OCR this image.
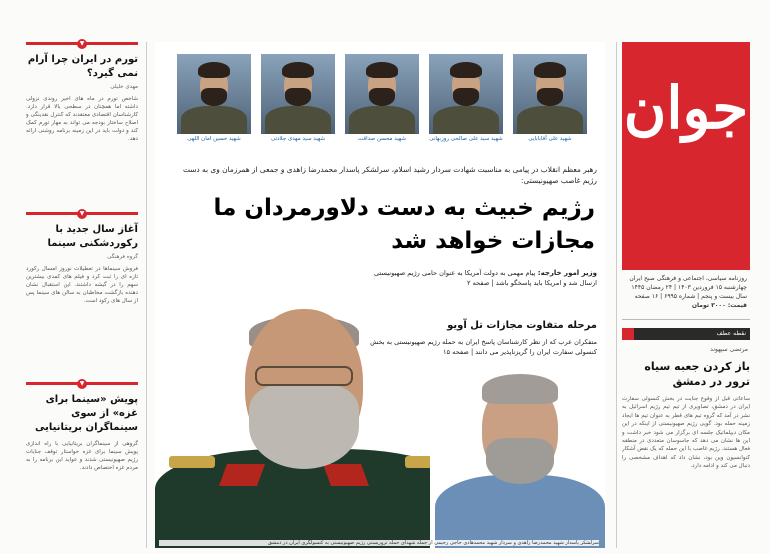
جوان
روزنامه سیاسی، اجتماعی و فرهنگی صبح ایران
چهارشنبه ۱۵ فروردین ۱۴۰۳ | ۲۴ رمضان ۱۴۴۵
سال بیست و پنجم | شماره ۶۹۹۵ | ۱۶ صفحه
قیمت: ۳۰۰۰ تومان
نقطه عطف
مرتضی سپهوند
باز کردن جعبه سیاه ترور در دمشق
ساعاتی قبل از وقوع جنایت در بخش کنسولی سفارت ایران در دمشق، تصاویری از تیم تیم رژیم اسرائیل به نشر در آمد که گروه تیم های قطر به عنوان تیم ها ایجاد زمینه حمله بود. گویی رژیم صهیونیستی از اینکه در این مکان دیپلماتیک جلسه ای برگزار می شود خبر داشت و این ها نشان می دهد که جاسوسان متعددی در منطقه فعال هستند. رژیم غاصب با این حمله که یک نقض آشکار کنوانسیون وین بود، نشان داد که اهداف مشخصی را دنبال می کند و ادامه دارد.
▼
تورم در ایران چرا آرام نمی گیرد؟
مهدی خلیلی
شاخص تورم در ماه های اخیر روندی نزولی داشته اما همچنان در سطحی بالا قرار دارد. کارشناسان اقتصادی معتقدند که کنترل نقدینگی و اصلاح ساختار بودجه می تواند به مهار تورم کمک کند و دولت باید در این زمینه برنامه روشنی ارائه دهد.
▼
آغاز سال جدید با رکوردشکنی سینما
گروه فرهنگی
فروش سینماها در تعطیلات نوروز امسال رکورد تازه ای را ثبت کرد و فیلم های کمدی بیشترین سهم را در گیشه داشتند. این استقبال نشان دهنده بازگشت مخاطبان به سالن های سینما پس از سال های رکود است.
▼
پویش «سینما برای غزه» از سوی سینماگران بریتانیایی
گروهی از سینماگران بریتانیایی با راه اندازی پویش سینما برای غزه خواستار توقف جنایات رژیم صهیونیستی شدند و عواید این برنامه را به مردم غزه اختصاص دادند.
شهید حسین امان اللهی	شهید سید مهدی جلادتی	شهید محسن صداقت	شهید سید علی صالحی روزبهانی	شهید علی آقابابایی
رهبر معظم انقلاب در پیامی به مناسبت شهادت سردار رشید اسلام، سرلشکر پاسدار محمدرضا زاهدی و جمعی از همرزمان وی به دست رژیم غاصب صهیونیستی:
رژیم خبیث به دست دلاورمردان ما مجازات خواهد شد
وزیر امور خارجه: پیام مهمی به دولت آمریکا به عنوان حامی رژیم صهیونیستی ارسال شد و امریکا باید پاسخگو باشد | صفحه ۲
مرحله متفاوت مجازات تل آویو
متفکران عرب که از نظر کارشناسان پاسخ ایران به حمله رژیم صهیونیستی به بخش کنسولی سفارت ایران را گریزناپذیر می دانند | صفحه ۱۵
سرلشکر پاسدار شهید محمدرضا زاهدی و سردار شهید محمدهادی حاجی رحیمی از جمله شهدای حمله تروریستی رژیم صهیونیستی به کنسولگری ایران در دمشق
